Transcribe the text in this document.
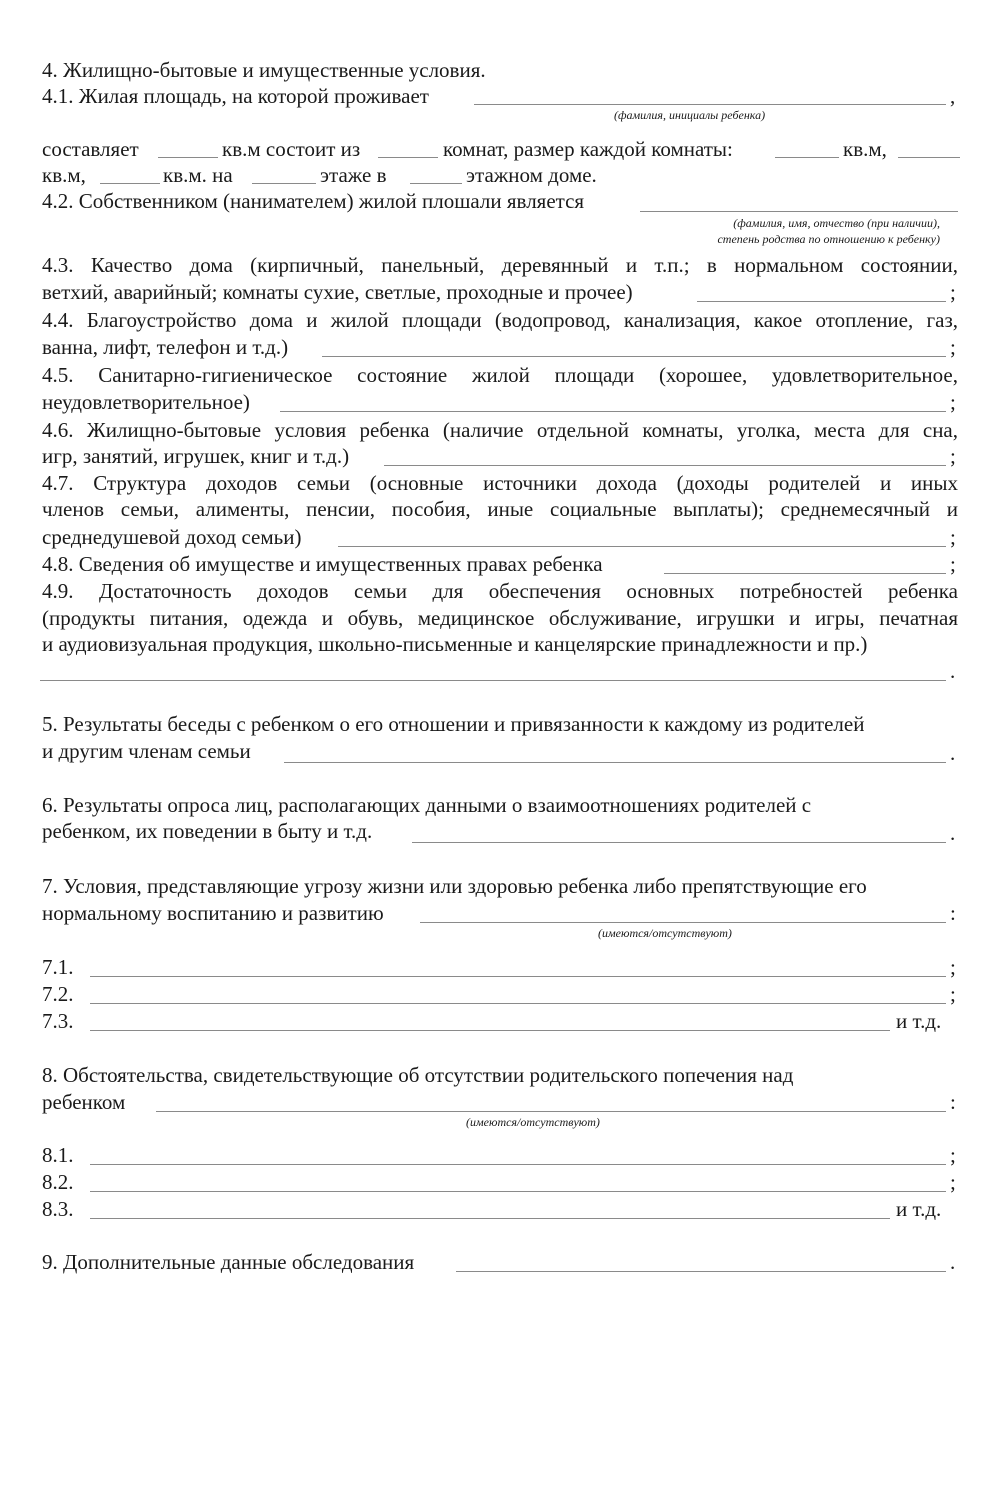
4. Жилищно-бытовые и имущественные условия.
4.1. Жилая площадь, на которой проживает	,
(фамилия, инициалы ребенка)
составляет	кв.м состоит из	комнат, размер каждой комнаты:	кв.м,
кв.м,	кв.м. на	этаже в	этажном доме.
4.2. Собственником (нанимателем) жилой плошали является
(фамилия, имя, отчество (при наличии),
степень родства по отношению к ребенку)
4.3. Качество дома (кирпичный, панельный, деревянный и т.п.; в нормальном состоянии,
ветхий, аварийный; комнаты сухие, светлые, проходные и прочее)	;
4.4. Благоустройство дома и жилой площади (водопровод, канализация, какое отопление, газ,
ванна, лифт, телефон и т.д.)	;
4.5. Санитарно-гигиеническое состояние жилой площади (хорошее, удовлетворительное,
неудовлетворительное)	;
4.6. Жилищно-бытовые условия ребенка (наличие отдельной комнаты, уголка, места для сна,
игр, занятий, игрушек, книг и т.д.)	;
4.7. Структура доходов семьи (основные источники дохода (доходы родителей и иных
членов семьи, алименты, пенсии, пособия, иные социальные выплаты); среднемесячный и
среднедушевой доход семьи)	;
4.8. Сведения об имуществе и имущественных правах ребенка	;
4.9. Достаточность доходов семьи для обеспечения основных потребностей ребенка
(продукты питания, одежда и обувь, медицинское обслуживание, игрушки и игры, печатная
и аудиовизуальная продукция, школьно-письменные и канцелярские принадлежности и пр.)
.
5. Результаты беседы с ребенком о его отношении и привязанности к каждому из родителей
и другим членам семьи	.
6. Результаты опроса лиц, располагающих данными о взаимоотношениях родителей с
ребенком, их поведении в быту и т.д.	.
7. Условия, представляющие угрозу жизни или здоровью ребенка либо препятствующие его
нормальному воспитанию и развитию	:
(имеются/отсутствуют)
7.1.	;
7.2.	;
7.3.	и т.д.
8. Обстоятельства, свидетельствующие об отсутствии родительского попечения над
ребенком	:
(имеются/отсутствуют)
8.1.	;
8.2.	;
8.3.	и т.д.
9. Дополнительные данные обследования	.
